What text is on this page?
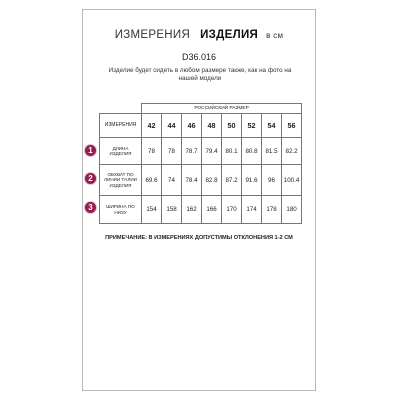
ИЗМЕРЕНИЯ ИЗДЕЛИЯ в см
D36.016
Изделие будет сидеть в любом размере также, как на фото на нашей модели
1
2
3
	РОССИЙСКИЙ РАЗМЕР							
ИЗМЕРЕНИЯ	42	44	46	48	50	52	54	56
ДЛИНА ИЗДЕЛИЯ	78	78	78.7	79.4	80.1	80.8	81.5	82.2
ОБХВАТ ПО ЛИНИИ ТАЛИИ ИЗДЕЛИЯ	69.6	74	78.4	82.8	87.2	91.6	96	100.4
ШИРИНА ПО НИЗУ	154	158	162	166	170	174	178	180
ПРИМЕЧАНИЕ: В ИЗМЕРЕНИЯХ ДОПУСТИМЫ ОТКЛОНЕНИЯ 1-2 СМ
